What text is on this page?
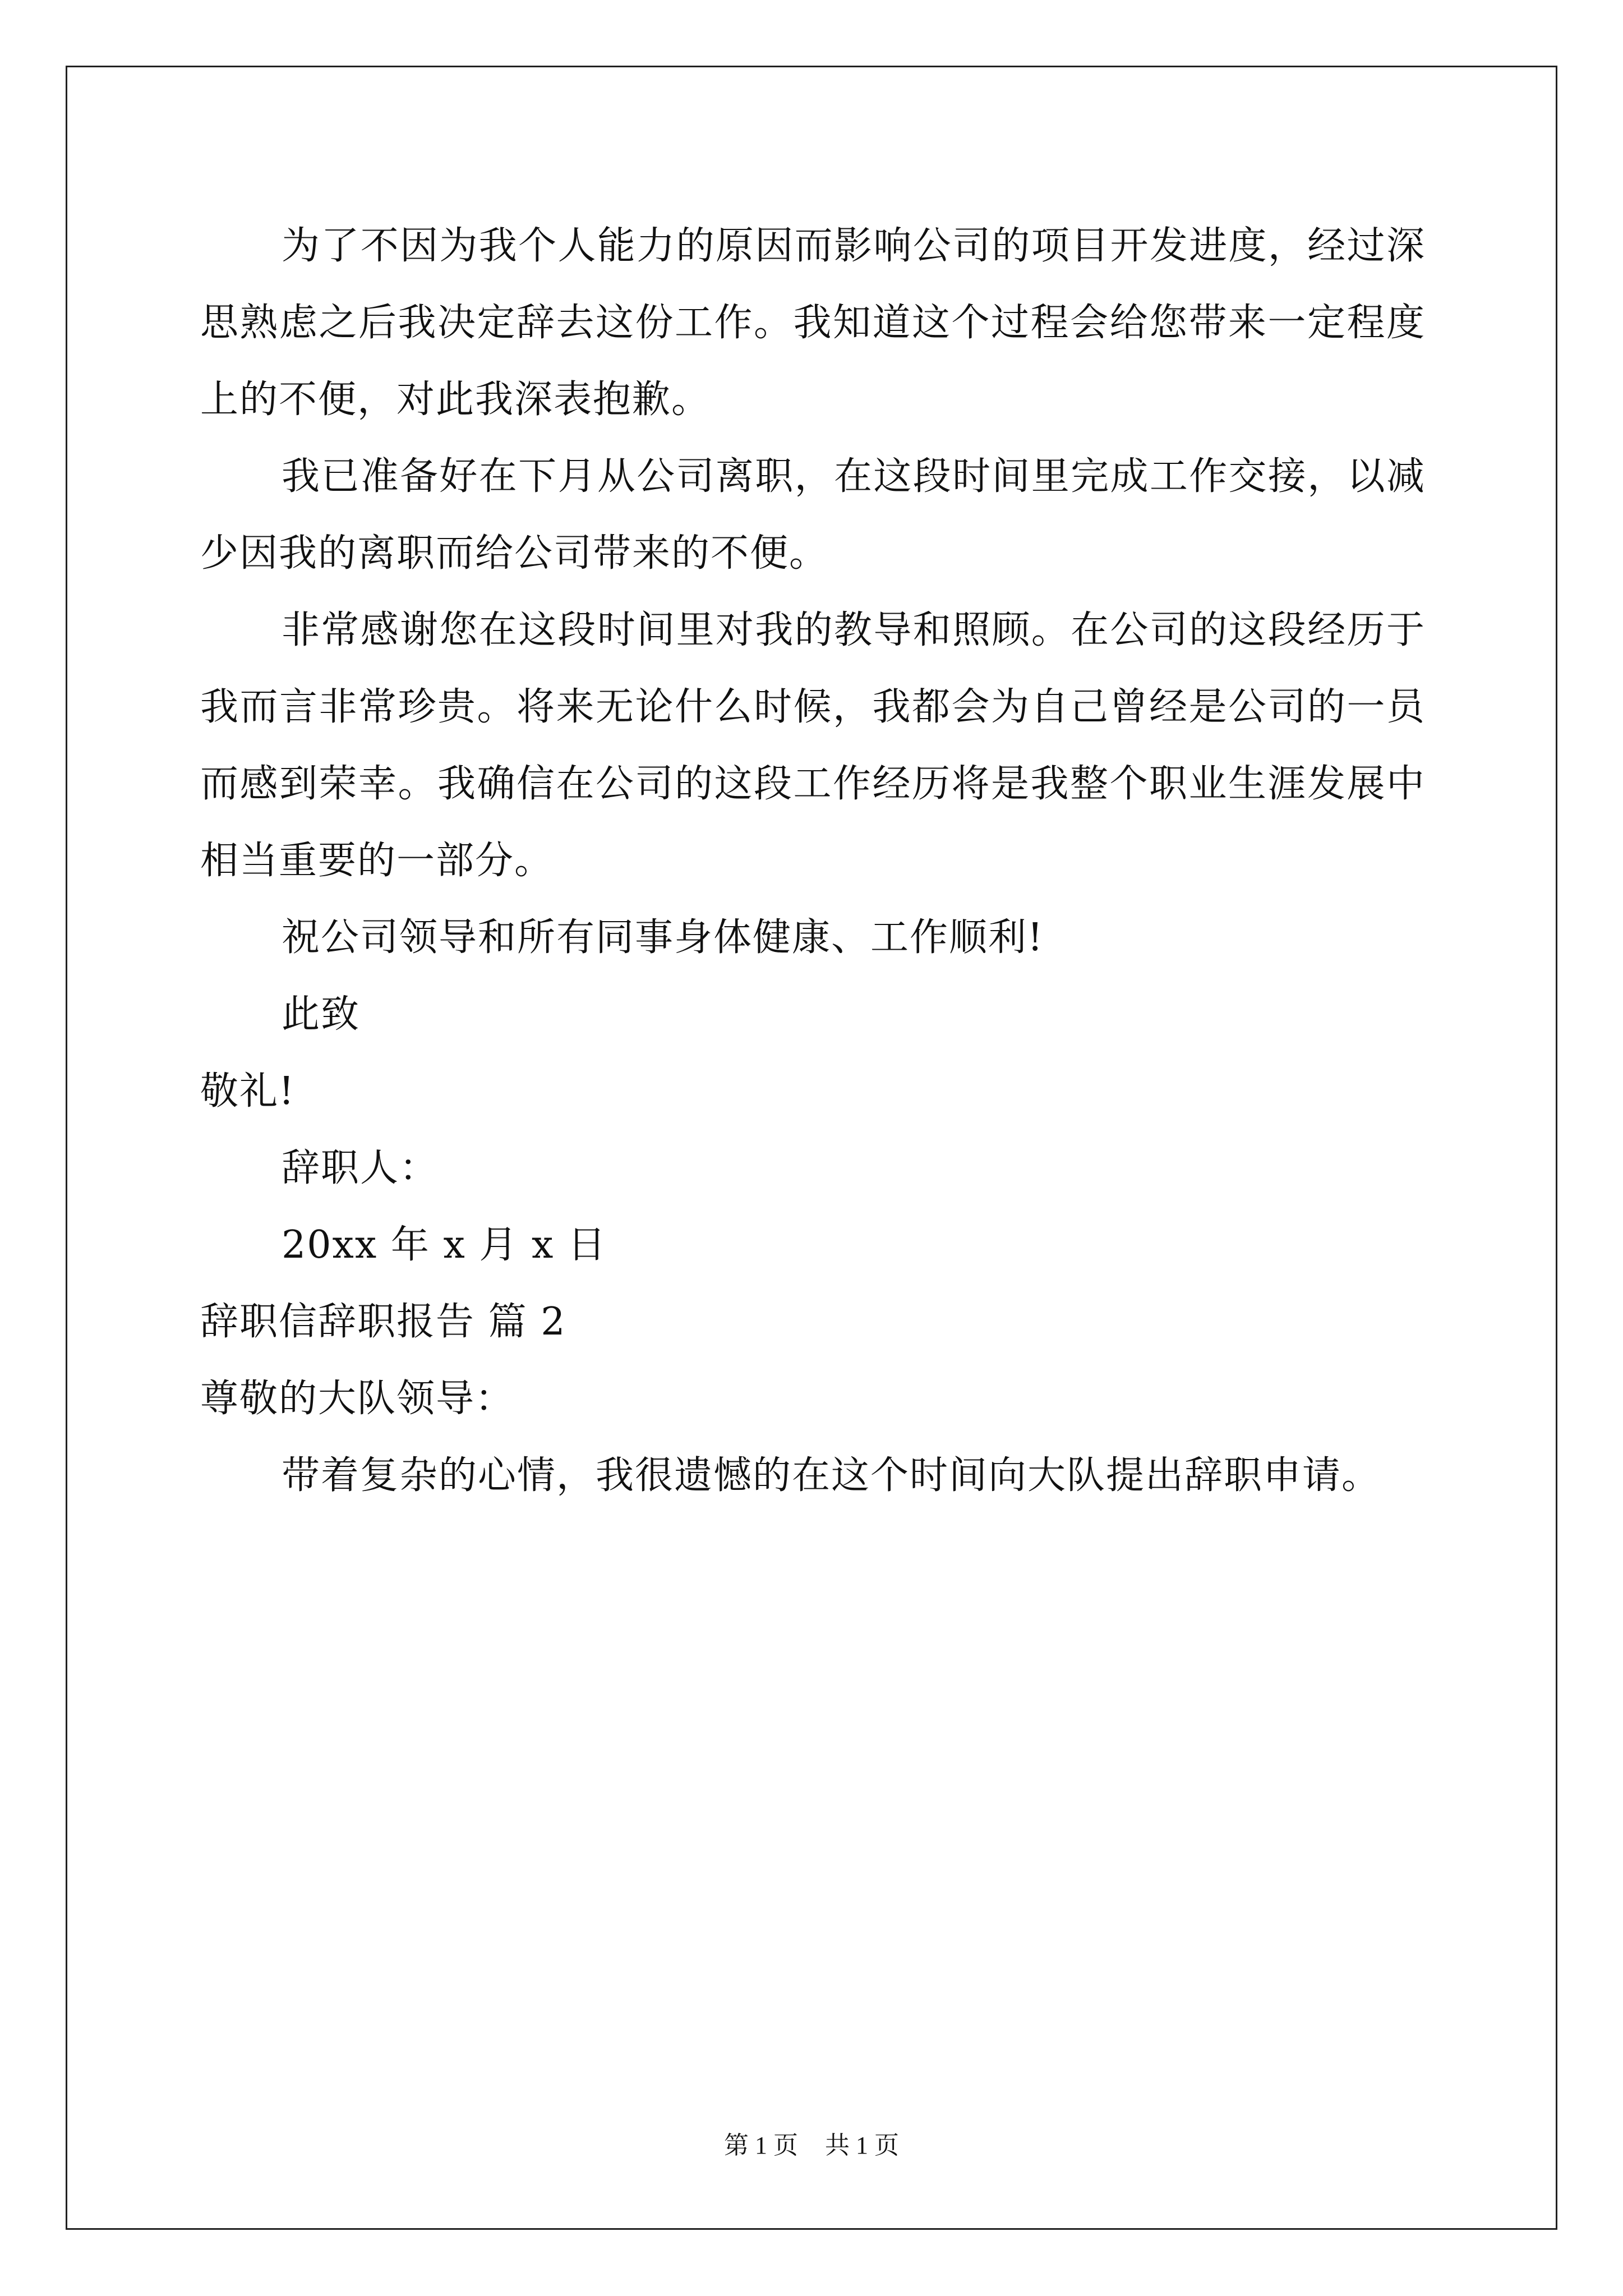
为了不因为我个人能力的原因而影响公司的项目开发进度，经过深思熟虑之后我决定辞去这份工作。我知道这个过程会给您带来一定程度上的不便，对此我深表抱歉。

我已准备好在下月从公司离职，在这段时间里完成工作交接，以减少因我的离职而给公司带来的不便。

非常感谢您在这段时间里对我的教导和照顾。在公司的这段经历于我而言非常珍贵。将来无论什么时候，我都会为自己曾经是公司的一员而感到荣幸。我确信在公司的这段工作经历将是我整个职业生涯发展中相当重要的一部分。

祝公司领导和所有同事身体健康、工作顺利!

此致

敬礼!

辞职人：

20xx 年 x 月 x 日

辞职信辞职报告 篇 2

尊敬的大队领导：

带着复杂的心情，我很遗憾的在这个时间向大队提出辞职申请。

第 1 页 共 1 页
